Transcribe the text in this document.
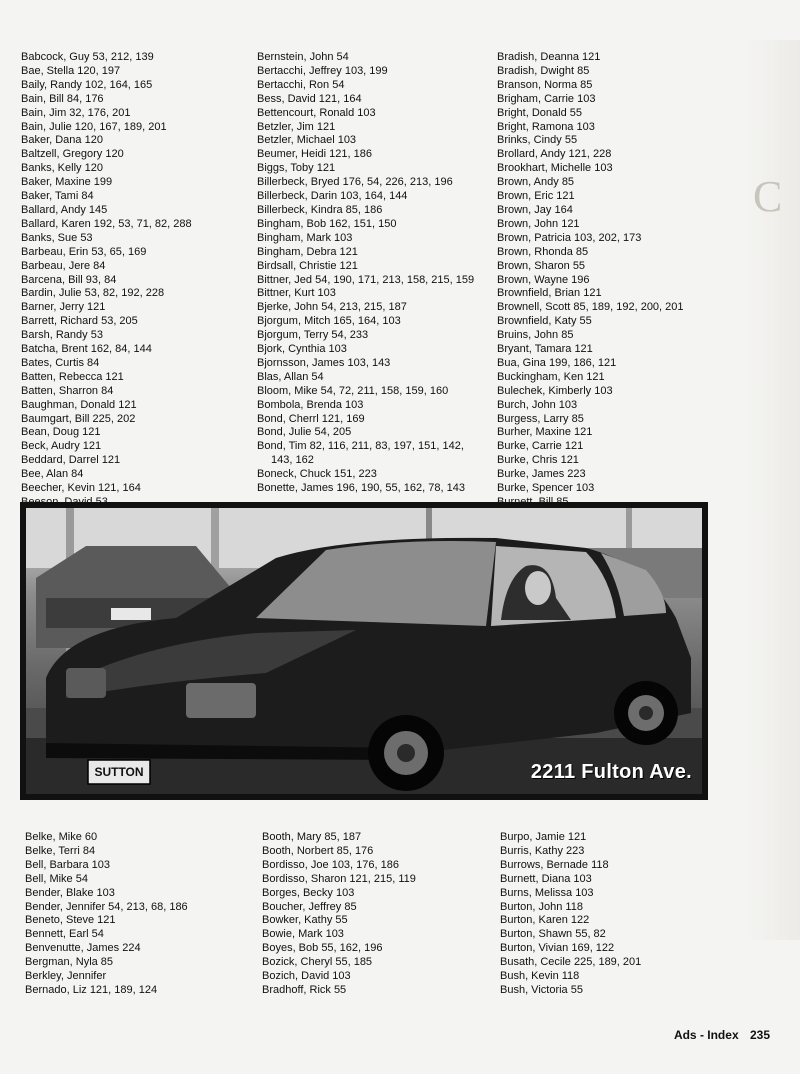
C
Babcock, Guy 53, 212, 139
Bae, Stella 120, 197
Baily, Randy 102, 164, 165
Bain, Bill 84, 176
Bain, Jim 32, 176, 201
Bain, Julie 120, 167, 189, 201
Baker, Dana 120
Baltzell, Gregory 120
Banks, Kelly 120
Baker, Maxine 199
Baker, Tami 84
Ballard, Andy 145
Ballard, Karen 192, 53, 71, 82, 288
Banks, Sue 53
Barbeau, Erin 53, 65, 169
Barbeau, Jere 84
Barcena, Bill 93, 84
Bardin, Julie 53, 82, 192, 228
Barner, Jerry 121
Barrett, Richard 53, 205
Barsh, Randy 53
Batcha, Brent 162, 84, 144
Bates, Curtis 84
Batten, Rebecca 121
Batten, Sharron 84
Baughman, Donald 121
Baumgart, Bill 225, 202
Bean, Doug 121
Beck, Audry 121
Beddard, Darrel 121
Bee, Alan 84
Beecher, Kevin 121, 164
Bernstein, John 54
Bertacchi, Jeffrey 103, 199
Bertacchi, Ron 54
Bess, David 121, 164
Bettencourt, Ronald 103
Betzler, Jim 121
Betzler, Michael 103
Beumer, Heidi 121, 186
Biggs, Toby 121
Billerbeck, Bryed 176, 54, 226, 213, 196
Billerbeck, Darin 103, 164, 144
Billerbeck, Kindra 85, 186
Bingham, Bob 162, 151, 150
Bingham, Mark 103
Bingham, Debra 121
Birdsall, Christie 121
Bittner, Jed 54, 190, 171, 213, 158, 215, 159
Bittner, Kurt 103
Bjerke, John 54, 213, 215, 187
Bjorgum, Mitch 165, 164, 103
Bjorgum, Terry 54, 233
Bjork, Cynthia 103
Bjornsson, James 103, 143
Blas, Allan 54
Bloom, Mike 54, 72, 211, 158, 159, 160
Bombola, Brenda 103
Bond, Cherrl 121, 169
Bond, Julie 54, 205
Bond, Tim 82, 116, 211, 83, 197, 151, 142, 143, 162
Boneck, Chuck 151, 223
Bonette, James 196, 190, 55, 162, 78, 143
Bradish, Deanna 121
Bradish, Dwight 85
Branson, Norma 85
Brigham, Carrie 103
Bright, Donald 55
Bright, Ramona 103
Brinks, Cindy 55
Brollard, Andy 121, 228
Brookhart, Michelle 103
Brown, Andy 85
Brown, Eric 121
Brown, Jay 164
Brown, John 121
Brown, Patricia 103, 202, 173
Brown, Rhonda 85
Brown, Sharon 55
Brown, Wayne 196
Brownfield, Brian 121
Brownell, Scott 85, 189, 192, 200, 201
Brownfield, Katy 55
Bruins, John 85
Bryant, Tamara 121
Bua, Gina 199, 186, 121
Buckingham, Ken 121
Bulechek, Kimberly 103
Burch, John 103
Burgess, Larry 85
Burher, Maxine 121
Burke, Carrie 121
Burke, Chris 121
Burke, James 223
Burke, Spencer 103
SUTTON	2211 Fulton Ave.
Belke, Mike 60
Belke, Terri 84
Bell, Barbara 103
Bell, Mike 54
Bender, Blake 103
Bender, Jennifer 54, 213, 68, 186
Beneto, Steve 121
Bennett, Earl 54
Benvenutte, James 224
Bergman, Nyla 85
Berkley, Jennifer
Bernado, Liz 121, 189, 124
Booth, Mary 85, 187
Booth, Norbert 85, 176
Bordisso, Joe 103, 176, 186
Bordisso, Sharon 121, 215, 119
Borges, Becky 103
Boucher, Jeffrey 85
Bowker, Kathy 55
Bowie, Mark 103
Boyes, Bob 55, 162, 196
Bozick, Cheryl 55, 185
Bozich, David 103
Bradhoff, Rick 55
Burpo, Jamie 121
Burris, Kathy 223
Burrows, Bernade 118
Burnett, Diana 103
Burns, Melissa 103
Burton, John 118
Burton, Karen 122
Burton, Shawn 55, 82
Burton, Vivian 169, 122
Busath, Cecile 225, 189, 201
Bush, Kevin 118
Bush, Victoria 55
Ads - Index 235
